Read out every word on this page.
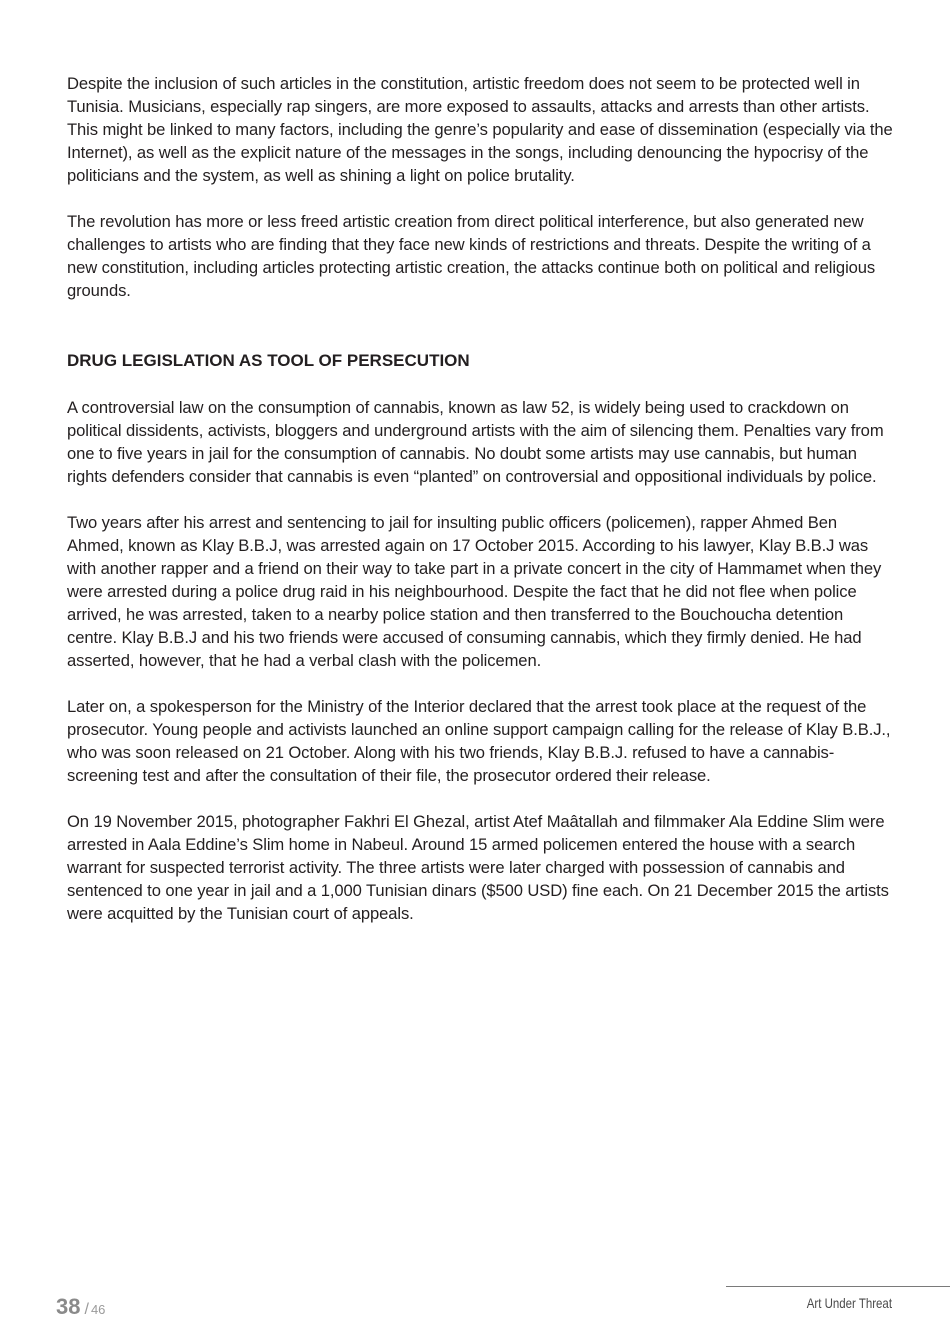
Despite the inclusion of such articles in the constitution, artistic freedom does not seem to be protected well in Tunisia. Musicians, especially rap singers, are more exposed to assaults, attacks and arrests than other artists. This might be linked to many factors, including the genre’s popularity and ease of dissemination (especially via the Internet), as well as the explicit nature of the messages in the songs, including denouncing the hypocrisy of the politicians and the system, as well as shining a light on police brutality.

The revolution has more or less freed artistic creation from direct political interference, but also generated new challenges to artists who are finding that they face new kinds of restrictions and threats. Despite the writing of a new constitution, including articles protecting artistic creation, the attacks continue both on political and religious grounds.

DRUG LEGISLATION AS TOOL OF PERSECUTION

A controversial law on the consumption of cannabis, known as law 52, is widely being used to crackdown on political dissidents, activists, bloggers and underground artists with the aim of silencing them. Penalties vary from one to five years in jail for the consumption of cannabis. No doubt some artists may use cannabis, but human rights defenders consider that cannabis is even “planted” on controversial and oppositional individuals by police.

Two years after his arrest and sentencing to jail for insulting public officers (policemen), rapper Ahmed Ben Ahmed, known as Klay B.B.J, was arrested again on 17 October 2015. According to his lawyer, Klay B.B.J was with another rapper and a friend on their way to take part in a private concert in the city of Hammamet when they were arrested during a police drug raid in his neighbourhood. Despite the fact that he did not flee when police arrived, he was arrested, taken to a nearby police station and then transferred to the Bouchoucha detention centre. Klay B.B.J and his two friends were accused of consuming cannabis, which they firmly denied. He had asserted, however, that he had a verbal clash with the policemen.

Later on, a spokesperson for the Ministry of the Interior declared that the arrest took place at the request of the prosecutor. Young people and activists launched an online support campaign calling for the release of Klay B.B.J., who was soon released on 21 October. Along with his two friends, Klay B.B.J. refused to have a cannabis-screening test and after the consultation of their file, the prosecutor ordered their release.

On 19 November 2015, photographer Fakhri El Ghezal, artist Atef Maâtallah and filmmaker Ala Eddine Slim were arrested in Aala Eddine’s Slim home in Nabeul. Around 15 armed policemen entered the house with a search warrant for suspected terrorist activity. The three artists were later charged with possession of cannabis and sentenced to one year in jail and a 1,000 Tunisian dinars ($500 USD) fine each. On 21 December 2015 the artists were acquitted by the Tunisian court of appeals.

38 / 46	Art Under Threat
